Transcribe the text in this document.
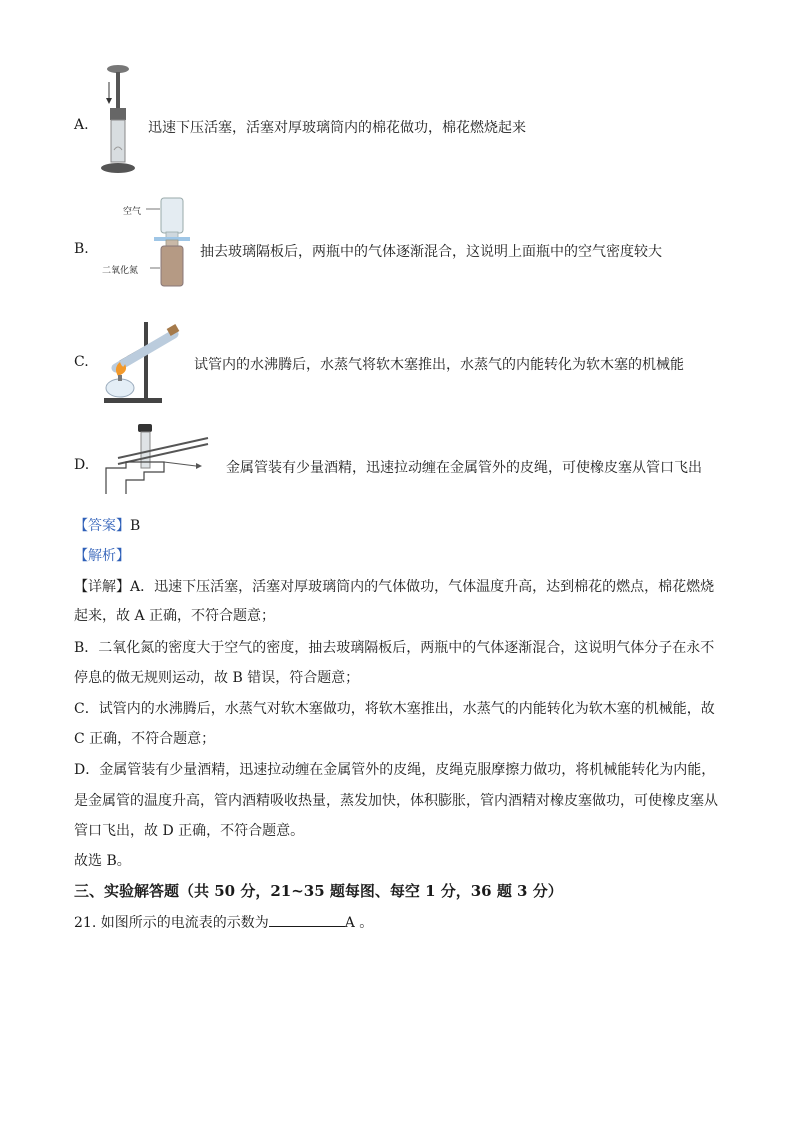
A.	迅速下压活塞，活塞对厚玻璃筒内的棉花做功，棉花燃烧起来
B.
空气
二氧化氮
抽去玻璃隔板后，两瓶中的气体逐渐混合，这说明上面瓶中的空气密度较大
C.	试管内的水沸腾后，水蒸气将软木塞推出，水蒸气的内能转化为软木塞的机械能
D.	金属管装有少量酒精，迅速拉动缠在金属管外的皮绳，可使橡皮塞从管口飞出
【答案】B
【解析】
【详解】A．迅速下压活塞，活塞对厚玻璃筒内的气体做功，气体温度升高，达到棉花的燃点，棉花燃烧
起来，故 A 正确，不符合题意；
B．二氧化氮的密度大于空气的密度，抽去玻璃隔板后，两瓶中的气体逐渐混合，这说明气体分子在永不
停息的做无规则运动，故 B 错误，符合题意；
C．试管内的水沸腾后，水蒸气对软木塞做功，将软木塞推出，水蒸气的内能转化为软木塞的机械能，故
C 正确，不符合题意；
D．金属管装有少量酒精，迅速拉动缠在金属管外的皮绳，皮绳克服摩擦力做功，将机械能转化为内能，
是金属管的温度升高，管内酒精吸收热量，蒸发加快，体积膨胀，管内酒精对橡皮塞做功，可使橡皮塞从
管口飞出，故 D 正确，不符合题意。
故选 B。
三、实验解答题（共 50 分，21~35 题每图、每空 1 分，36 题 3 分）
21. 如图所示的电流表的示数为	A 。
